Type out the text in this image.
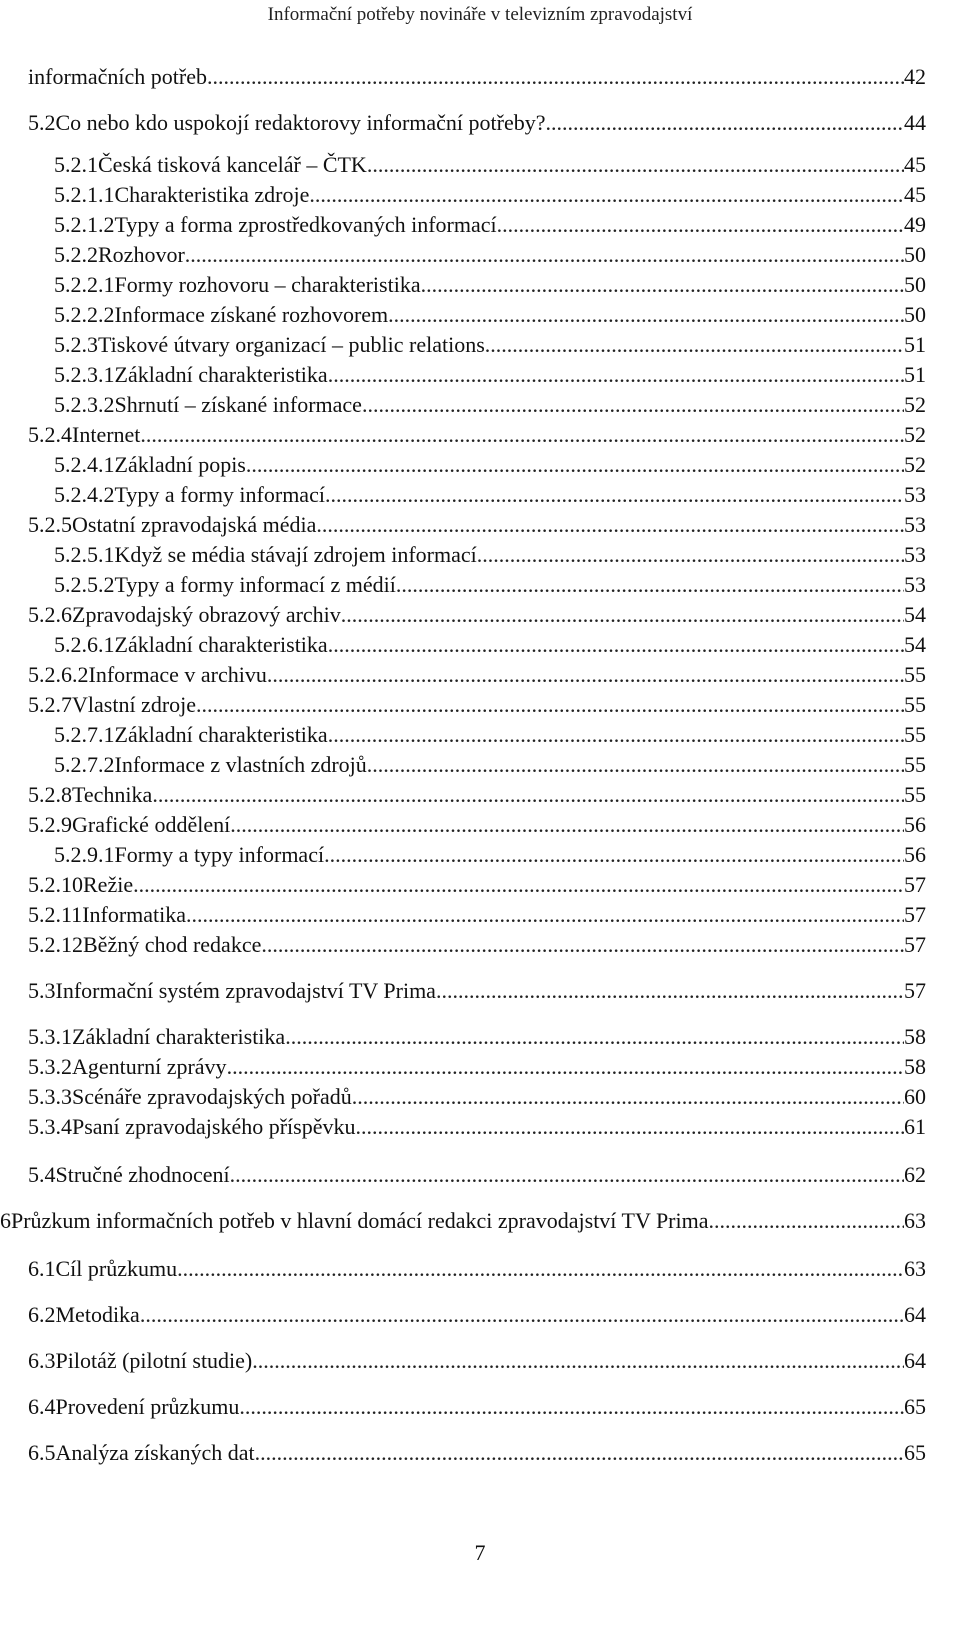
Informační potřeby novináře v televizním zpravodajství
informačních potřeb .....	42
5.2 Co nebo kdo uspokojí redaktorovy informační potřeby? .....	44
5.2.1 Česká tisková kancelář – ČTK .....	45
5.2.1.1 Charakteristika zdroje .....	45
5.2.1.2 Typy a forma zprostředkovaných informací .....	49
5.2.2 Rozhovor .....	50
5.2.2.1 Formy rozhovoru – charakteristika .....	50
5.2.2.2 Informace získané rozhovorem .....	50
5.2.3 Tiskové útvary organizací – public relations .....	51
5.2.3.1 Základní charakteristika .....	51
5.2.3.2 Shrnutí – získané informace .....	52
5.2.4 Internet .....	52
5.2.4.1 Základní popis .....	52
5.2.4.2 Typy a formy informací .....	53
5.2.5 Ostatní zpravodajská média .....	53
5.2.5.1 Když se média stávají zdrojem informací .....	53
5.2.5.2 Typy a formy informací z médií .....	53
5.2.6 Zpravodajský obrazový archiv .....	54
5.2.6.1 Základní charakteristika .....	54
5.2.6.2 Informace v archivu .....	55
5.2.7 Vlastní zdroje .....	55
5.2.7.1 Základní charakteristika .....	55
5.2.7.2 Informace z vlastních zdrojů .....	55
5.2.8 Technika .....	55
5.2.9 Grafické oddělení .....	56
5.2.9.1 Formy a typy informací .....	56
5.2.10 Režie .....	57
5.2.11 Informatika .....	57
5.2.12 Běžný chod redakce .....	57
5.3 Informační systém zpravodajství TV Prima .....	57
5.3.1 Základní charakteristika .....	58
5.3.2 Agenturní zprávy .....	58
5.3.3 Scénáře zpravodajských pořadů .....	60
5.3.4 Psaní zpravodajského příspěvku .....	61
5.4 Stručné zhodnocení .....	62
6 Průzkum informačních potřeb v hlavní domácí redakci zpravodajství TV Prima .....	63
6.1 Cíl průzkumu .....	63
6.2 Metodika .....	64
6.3 Pilotáž (pilotní studie) .....	64
6.4 Provedení průzkumu .....	65
6.5 Analýza získaných dat .....	65
7
